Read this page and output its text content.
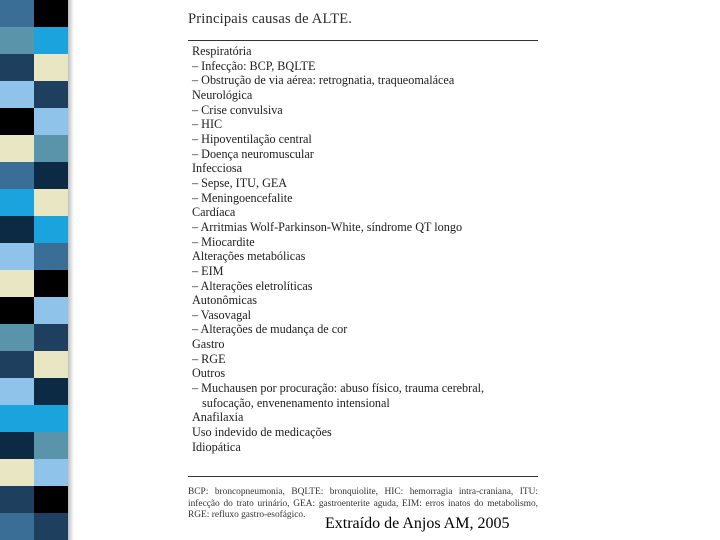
Principais causas de ALTE.
Respiratória
– Infecção: BCP, BQLTE
– Obstrução de via aérea: retrognatia, traqueomalácea
Neurológica
– Crise convulsiva
– HIC
– Hipoventilação central
– Doença neuromuscular
Infecciosa
– Sepse, ITU, GEA
– Meningoencefalite
Cardíaca
– Arritmias Wolf-Parkinson-White, síndrome QT longo
– Miocardite
Alterações metabólicas
– EIM
– Alterações eletrolíticas
Autonômicas
– Vasovagal
– Alterações de mudança de cor
Gastro
– RGE
Outros
– Muchausen por procuração: abuso físico, trauma cerebral,
sufocação, envenenamento intensional
Anafilaxia
Uso indevido de medicações
Idiopática
BCP: broncopneumonia, BQLTE: bronquiolite, HIC: hemorragia intra-craniana, ITU: infecção do trato urinário, GEA: gastroenterite aguda, EIM: erros inatos do metabolismo, RGE: refluxo gastro-esofágico.	Extraído de Anjos AM, 2005
